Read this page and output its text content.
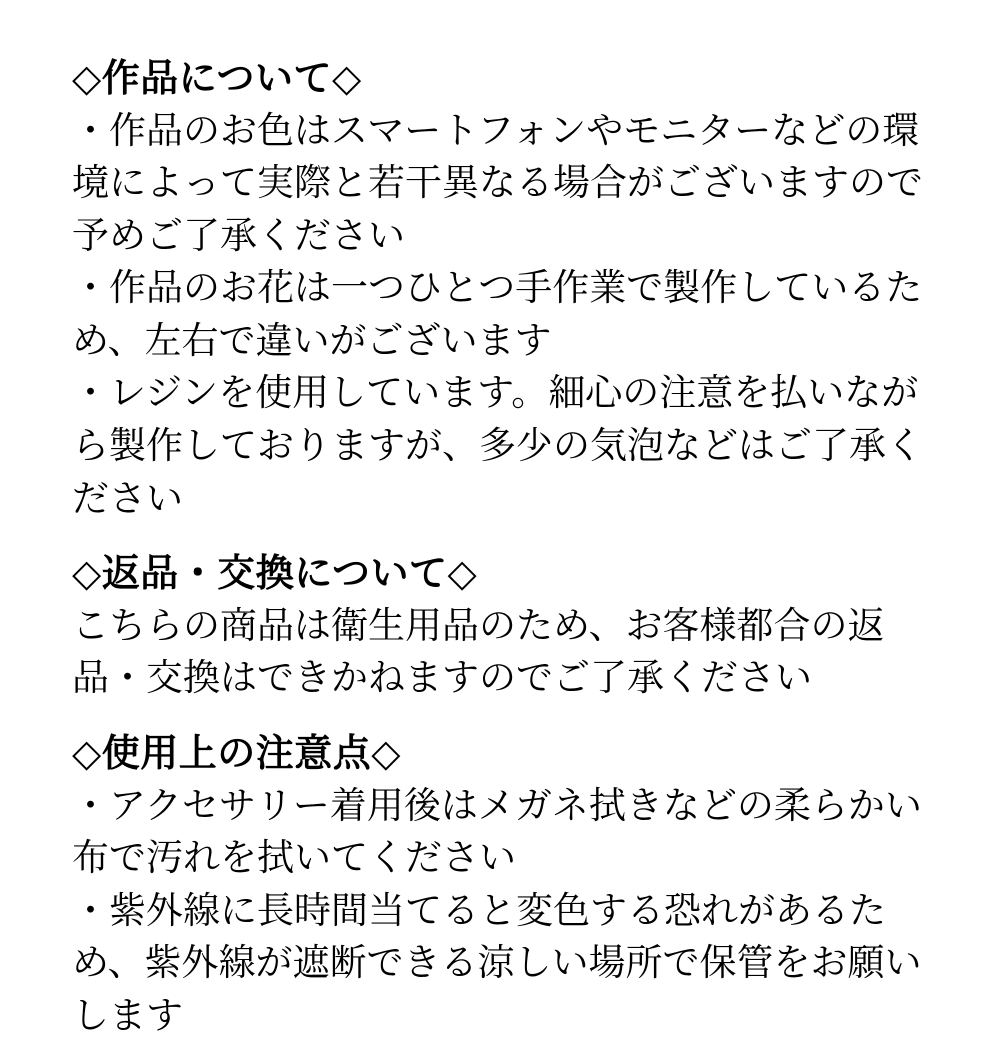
◇作品について◇

・作品のお色はスマートフォンやモニターなどの環境によって実際と若干異なる場合がございますので予めご了承ください

・作品のお花は一つひとつ手作業で製作しているため、左右で違いがございます

・レジンを使用しています。細心の注意を払いながら製作しておりますが、多少の気泡などはご了承ください

◇返品・交換について◇

こちらの商品は衛生用品のため、お客様都合の返品・交換はできかねますのでご了承ください

◇使用上の注意点◇

・アクセサリー着用後はメガネ拭きなどの柔らかい布で汚れを拭いてください

・紫外線に長時間当てると変色する恐れがあるため、紫外線が遮断できる涼しい場所で保管をお願いします
